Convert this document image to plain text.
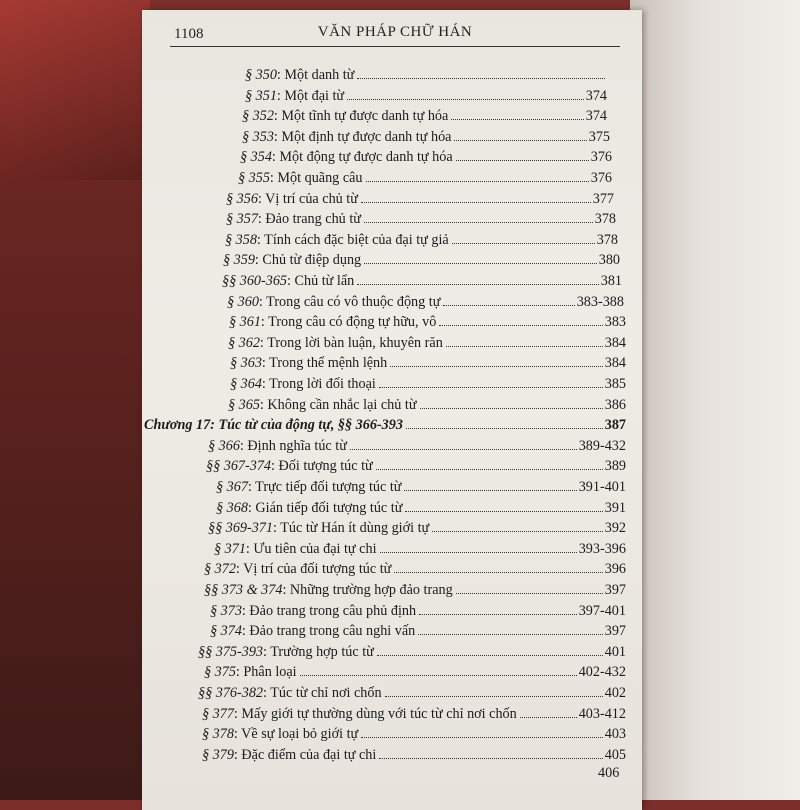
1108	VĂN PHÁP CHỮ HÁN
§ 350 : Một danh từ
§ 351 : Một đại từ	374
§ 352 : Một tĩnh tự được danh tự hóa	374
§ 353 : Một định tự được danh tự hóa	375
§ 354 : Một động tự được danh tự hóa	376
§ 355 : Một quãng câu	376
§ 356 : Vị trí của chủ từ	377
§ 357 : Đảo trang chủ từ	378
§ 358 : Tính cách đặc biệt của đại tự giả	378
§ 359 : Chủ từ điệp dụng	380
§§ 360-365 : Chủ từ lẩn	381
§ 360 : Trong câu có vô thuộc động tự	383-388
§ 361 : Trong câu có động tự hữu, vô	383
§ 362 : Trong lời bàn luận, khuyên răn	384
§ 363 : Trong thể mệnh lệnh	384
§ 364 : Trong lời đối thoại	385
§ 365 : Không cần nhắc lại chủ từ	386
Chương 17: Túc từ của động tự, §§ 366-393	387
§ 366 : Định nghĩa túc từ	389-432
§§ 367-374 : Đối tượng túc từ	389
§ 367 : Trực tiếp đối tượng túc từ	391-401
§ 368 : Gián tiếp đối tượng túc từ	391
§§ 369-371 : Túc từ Hán ít dùng giới tự	392
§ 371 : Ưu tiên của đại tự chi	393-396
§ 372 : Vị trí của đối tượng túc từ	396
§§ 373 & 374 : Những trường hợp đảo trang	397
§ 373 : Đảo trang trong câu phủ định	397-401
§ 374 : Đảo trang trong câu nghi vấn	397
§§ 375-393 : Trường hợp túc từ	401
§ 375 : Phân loại	402-432
§§ 376-382 : Túc từ chỉ nơi chốn	402
§ 377 : Mấy giới tự thường dùng với túc từ chỉ nơi chốn	403-412
§ 378 : Về sự loại bỏ giới tự	403
§ 379 : Đặc điểm của đại tự chi	405
406
